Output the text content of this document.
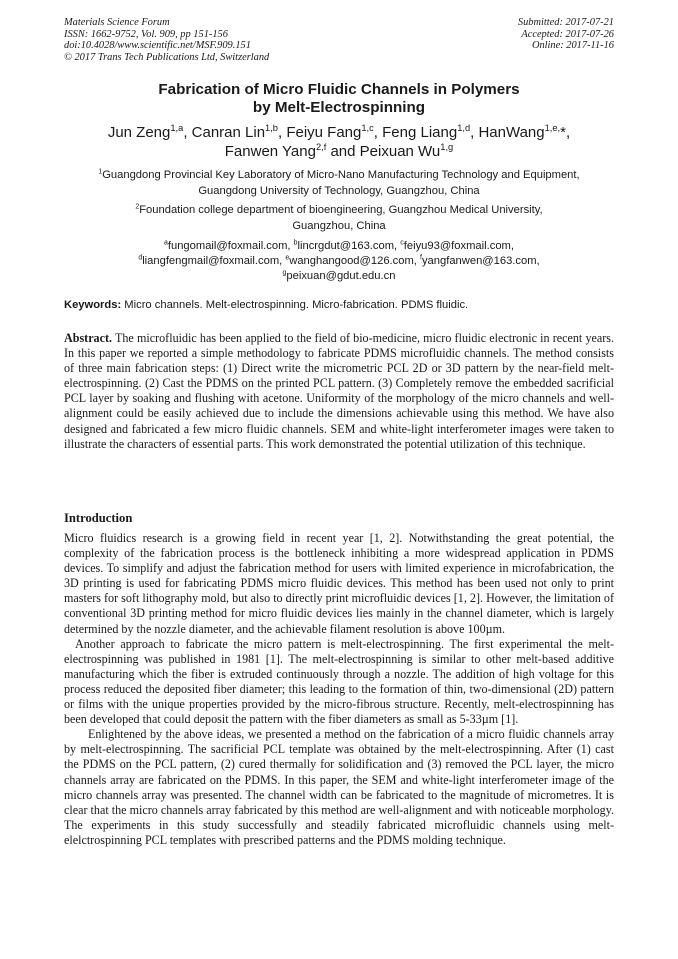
Materials Science Forum
ISSN: 1662-9752, Vol. 909, pp 151-156
doi:10.4028/www.scientific.net/MSF.909.151
© 2017 Trans Tech Publications Ltd, Switzerland
Submitted: 2017-07-21
Accepted: 2017-07-26
Online: 2017-11-16
Fabrication of Micro Fluidic Channels in Polymers
by Melt-Electrospinning
Jun Zeng$^{1,a}$, Canran Lin$^{1,b}$, Feiyu Fang$^{1,c}$, Feng Liang$^{1,d}$, HanWang$^{1,e,}$*,
Fanwen Yang$^{2,f}$ and Peixuan Wu$^{1,g}$
$^1$Guangdong Provincial Key Laboratory of Micro-Nano Manufacturing Technology and Equipment,
Guangdong University of Technology, Guangzhou, China
$^2$Foundation college department of bioengineering, Guangzhou Medical University,
Guangzhou, China
$^a$fungomail@foxmail.com, $^b$lincrgdut@163.com, $^c$feiyu93@foxmail.com,
$^d$liangfengmail@foxmail.com, $^e$wanghangood@126.com, $^f$yangfanwen@163.com,
$^g$peixuan@gdut.edu.cn
Keywords: Micro channels. Melt-electrospinning. Micro-fabrication. PDMS fluidic.

Abstract. The microfluidic has been applied to the field of bio-medicine, micro fluidic electronic in recent years. In this paper we reported a simple methodology to fabricate PDMS microfluidic channels. The method consists of three main fabrication steps: (1) Direct write the micrometric PCL 2D or 3D pattern by the near-field melt-electrospinning. (2) Cast the PDMS on the printed PCL pattern. (3) Completely remove the embedded sacrificial PCL layer by soaking and flushing with acetone. Uniformity of the morphology of the micro channels and well-alignment could be easily achieved due to include the dimensions achievable using this method. We have also designed and fabricated a few micro fluidic channels. SEM and white-light interferometer images were taken to illustrate the characters of essential parts. This work demonstrated the potential utilization of this technique.

Introduction

Micro fluidics research is a growing field in recent year [1, 2]. Notwithstanding the great potential, the complexity of the fabrication process is the bottleneck inhibiting a more widespread application in PDMS devices. To simplify and adjust the fabrication method for users with limited experience in microfabrication, the 3D printing is used for fabricating PDMS micro fluidic devices. This method has been used not only to print masters for soft lithography mold, but also to directly print microfluidic devices [1, 2]. However, the limitation of conventional 3D printing method for micro fluidic devices lies mainly in the channel diameter, which is largely determined by the nozzle diameter, and the achievable filament resolution is above 100µm.

Another approach to fabricate the micro pattern is melt-electrospinning. The first experimental the melt-electrospinning was published in 1981 [1]. The melt-electrospinning is similar to other melt-based additive manufacturing which the fiber is extruded continuously through a nozzle. The addition of high voltage for this process reduced the deposited fiber diameter; this leading to the formation of thin, two-dimensional (2D) pattern or films with the unique properties provided by the micro-fibrous structure. Recently, melt-electrospinning has been developed that could deposit the pattern with the fiber diameters as small as 5-33µm [1].

Enlightened by the above ideas, we presented a method on the fabrication of a micro fluidic channels array by melt-electrospinning. The sacrificial PCL template was obtained by the melt-electrospinning. After (1) cast the PDMS on the PCL pattern, (2) cured thermally for solidification and (3) removed the PCL layer, the micro channels array are fabricated on the PDMS. In this paper, the SEM and white-light interferometer image of the micro channels array was presented. The channel width can be fabricated to the magnitude of micrometres. It is clear that the micro channels array fabricated by this method are well-alignment and with noticeable morphology. The experiments in this study successfully and steadily fabricated microfluidic channels using melt-elelctrospinning PCL templates with prescribed patterns and the PDMS molding technique.
